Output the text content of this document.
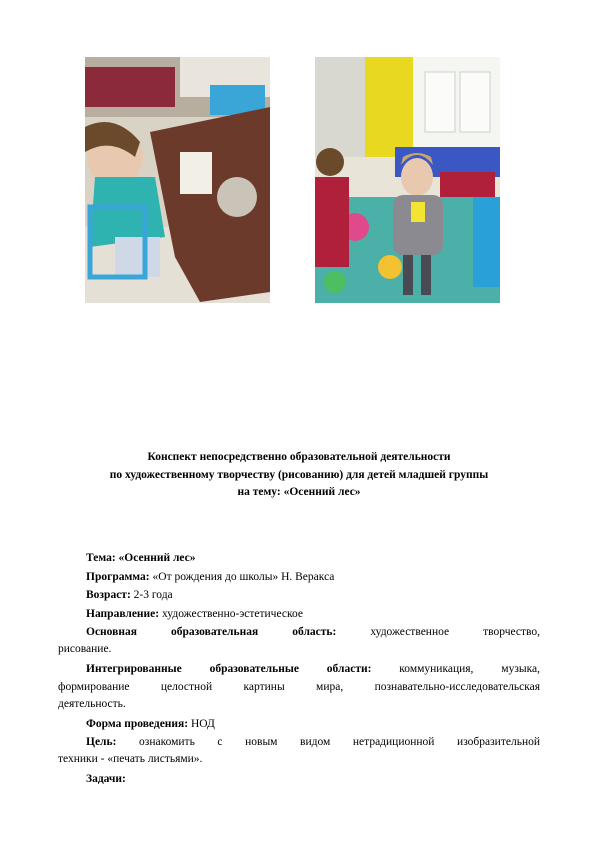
Конспект непосредственно образовательной деятельности
по художественному творчеству (рисованию) для детей младшей группы
на тему: «Осенний лес»
Тема: «Осенний лес»
Программа: «От рождения до школы» Н. Веракса
Возраст: 2-3 года
Направление: художественно-эстетическое
Основная образовательная область:	художественное творчество,
рисование.
Интегрированные образовательные области: коммуникация, музыка,
формирование целостной картины мира, познавательно-исследовательская
деятельность.
Форма проведения: НОД
Цель: ознакомить с новым видом нетрадиционной изобразительной
техники - «печать листьями».
Задачи:
